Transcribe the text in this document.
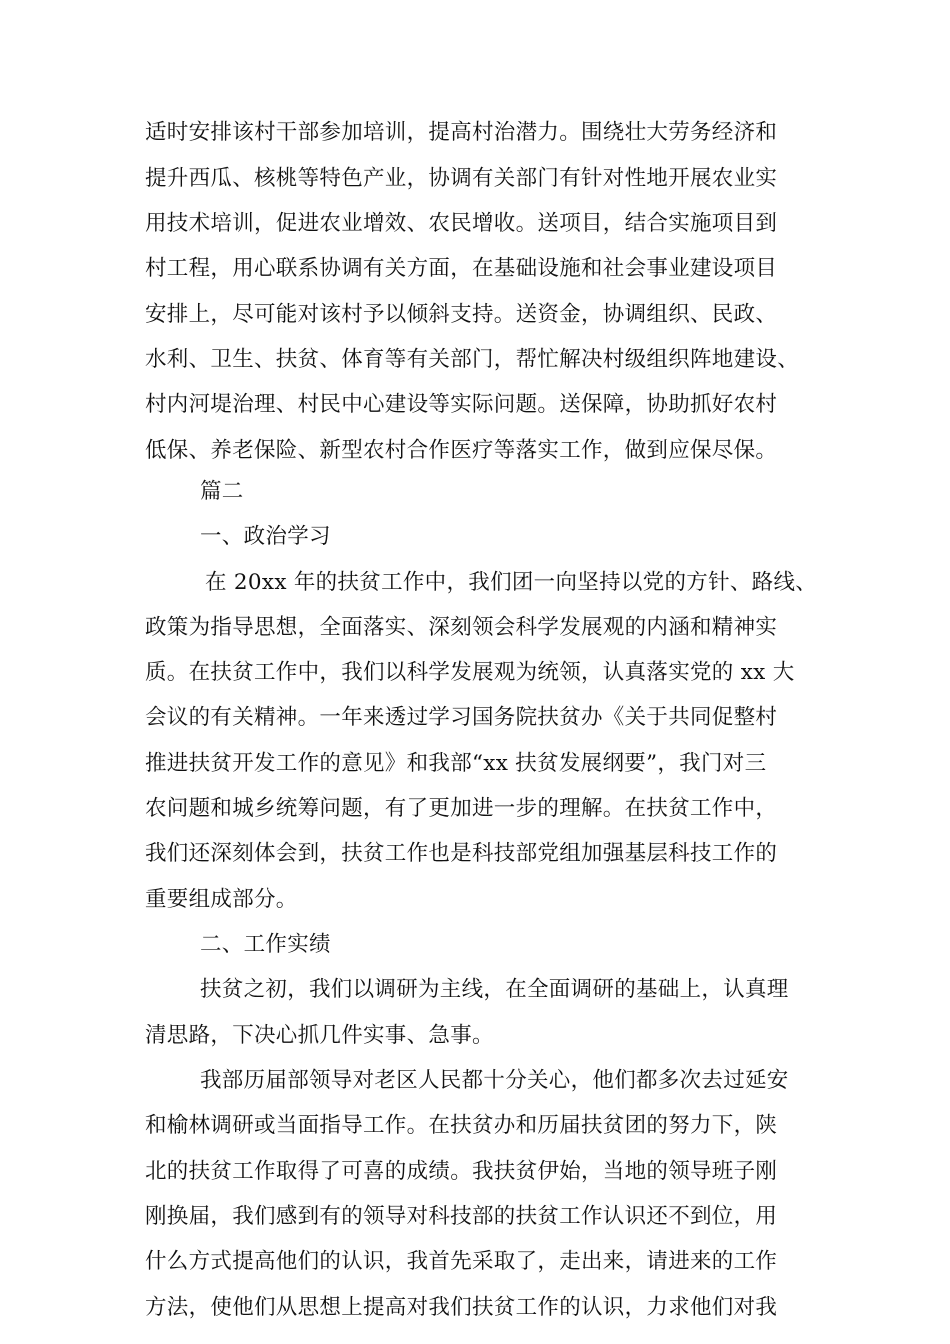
适时安排该村干部参加培训，提高村治潜力。围绕壮大劳务经济和
提升西瓜、核桃等特色产业，协调有关部门有针对性地开展农业实
用技术培训，促进农业增效、农民增收。送项目，结合实施项目到
村工程，用心联系协调有关方面，在基础设施和社会事业建设项目
安排上，尽可能对该村予以倾斜支持。送资金，协调组织、民政、
水利、卫生、扶贫、体育等有关部门，帮忙解决村级组织阵地建设、
村内河堤治理、村民中心建设等实际问题。送保障，协助抓好农村
低保、养老保险、新型农村合作医疗等落实工作，做到应保尽保。
篇二
一、政治学习
在 20xx 年的扶贫工作中，我们团一向坚持以党的方针、路线、
政策为指导思想，全面落实、深刻领会科学发展观的内涵和精神实
质。在扶贫工作中，我们以科学发展观为统领，认真落实党的 xx 大
会议的有关精神。一年来透过学习国务院扶贫办《关于共同促整村
推进扶贫开发工作的意见》和我部“xx 扶贫发展纲要”，我门对三
农问题和城乡统筹问题，有了更加进一步的理解。在扶贫工作中，
我们还深刻体会到，扶贫工作也是科技部党组加强基层科技工作的
重要组成部分。
二、工作实绩
扶贫之初，我们以调研为主线，在全面调研的基础上，认真理
清思路，下决心抓几件实事、急事。
我部历届部领导对老区人民都十分关心，他们都多次去过延安
和榆林调研或当面指导工作。在扶贫办和历届扶贫团的努力下，陕
北的扶贫工作取得了可喜的成绩。我扶贫伊始，当地的领导班子刚
刚换届，我们感到有的领导对科技部的扶贫工作认识还不到位，用
什么方式提高他们的认识，我首先采取了，走出来，请进来的工作
方法，使他们从思想上提高对我们扶贫工作的认识，力求他们对我
